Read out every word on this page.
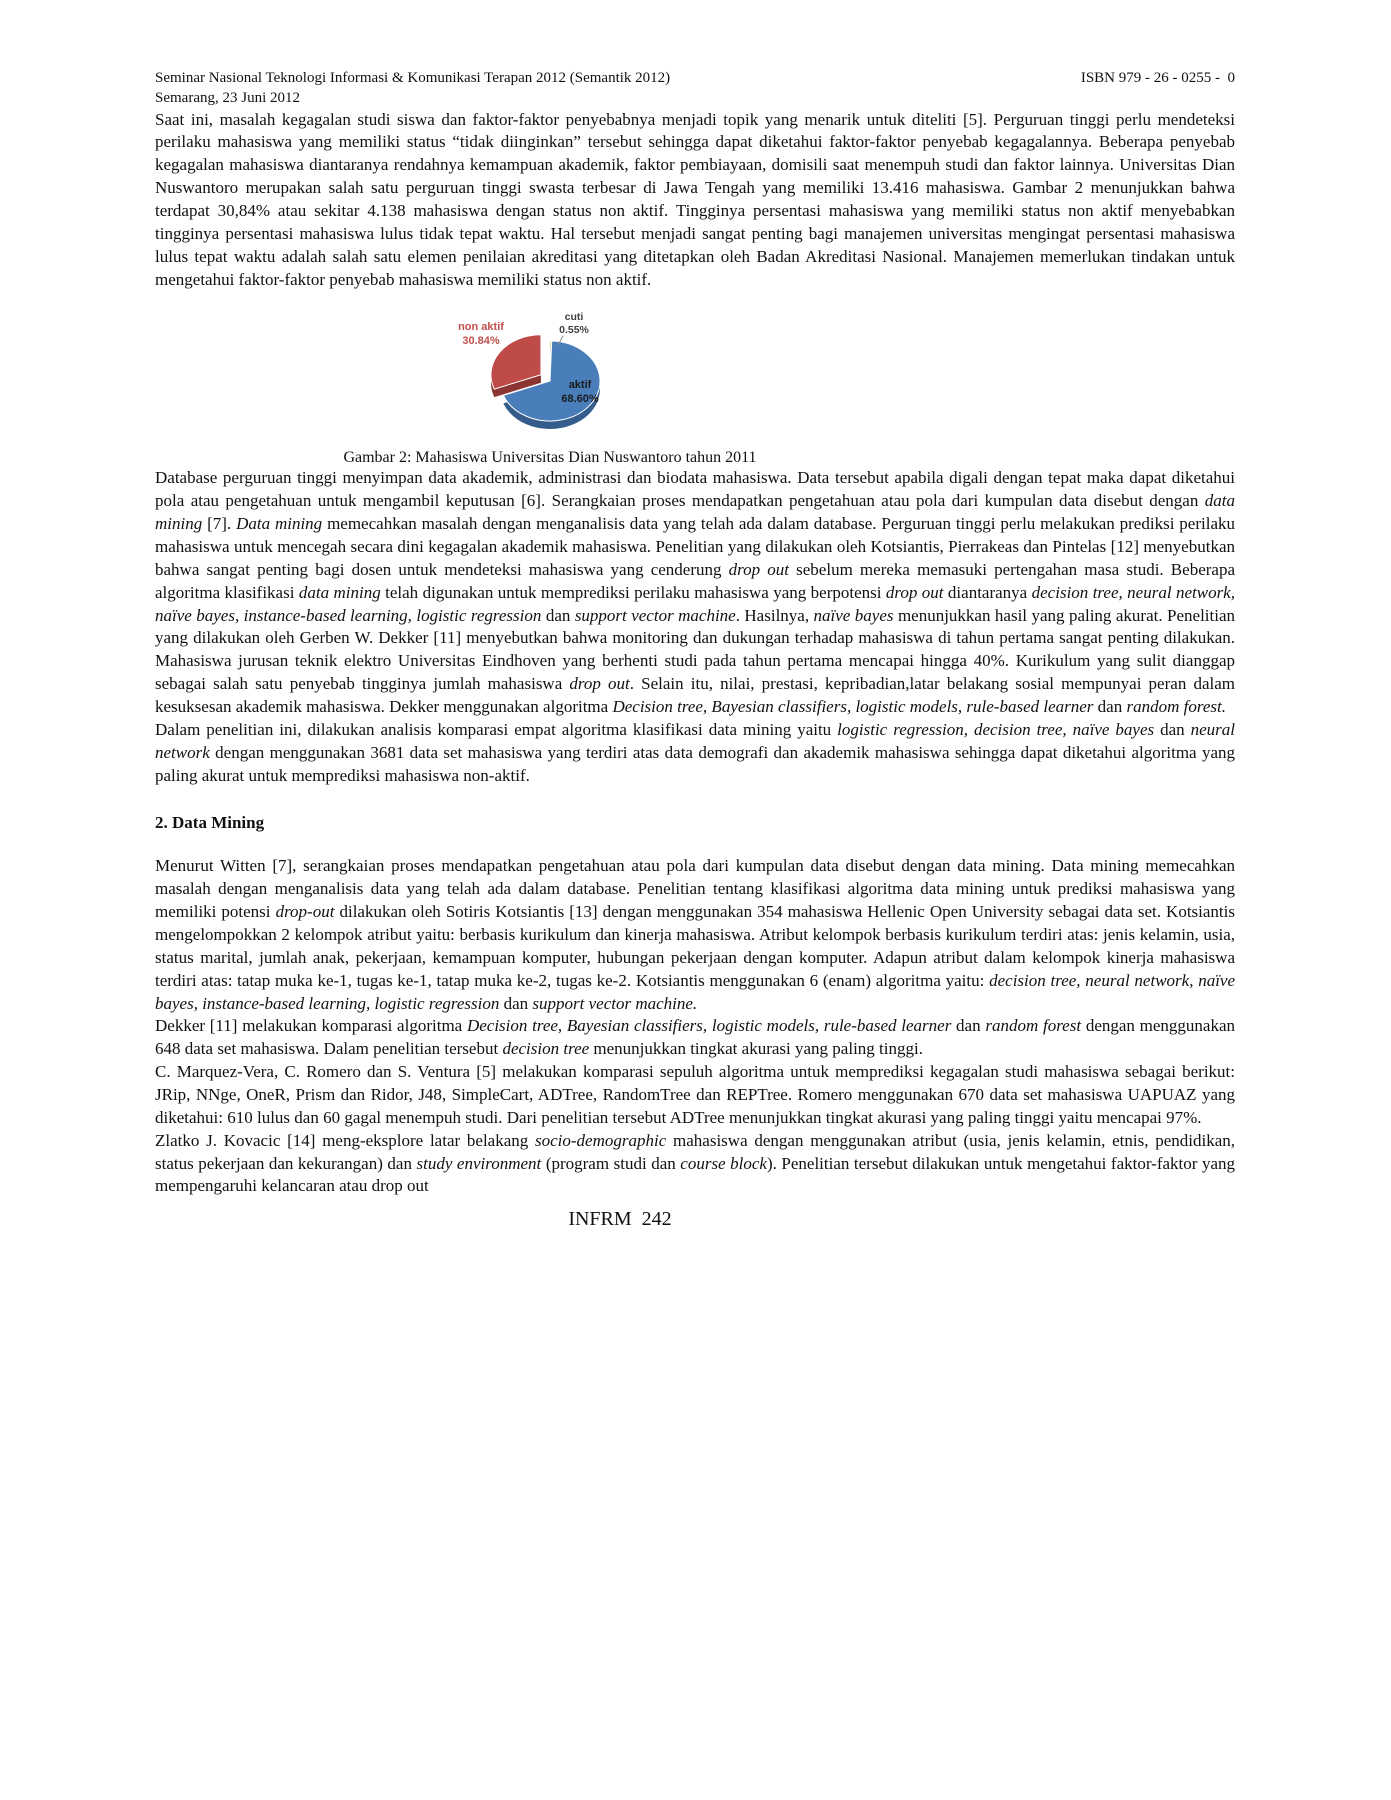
Seminar Nasional Teknologi Informasi & Komunikasi Terapan 2012 (Semantik 2012)
Semarang, 23 Juni 2012
ISBN 979 - 26 - 0255 -  0

Saat ini, masalah kegagalan studi siswa dan faktor-faktor penyebabnya menjadi topik yang menarik untuk diteliti [5]. Perguruan tinggi perlu mendeteksi perilaku mahasiswa yang memiliki status “tidak diinginkan” tersebut sehingga dapat diketahui faktor-faktor penyebab kegagalannya. Beberapa penyebab kegagalan mahasiswa diantaranya rendahnya kemampuan akademik, faktor pembiayaan, domisili saat menempuh studi dan faktor lainnya. Universitas Dian Nuswantoro merupakan salah satu perguruan tinggi swasta terbesar di Jawa Tengah yang memiliki 13.416 mahasiswa. Gambar 2 menunjukkan bahwa terdapat 30,84% atau sekitar 4.138 mahasiswa dengan status non aktif. Tingginya persentasi mahasiswa yang memiliki status non aktif menyebabkan tingginya persentasi mahasiswa lulus tidak tepat waktu. Hal tersebut menjadi sangat penting bagi manajemen universitas mengingat persentasi mahasiswa lulus tepat waktu adalah salah satu elemen penilaian akreditasi yang ditetapkan oleh Badan Akreditasi Nasional. Manajemen memerlukan tindakan untuk mengetahui faktor-faktor penyebab mahasiswa memiliki status non aktif.

non aktif
30.84%
cuti
0.55%
aktif
68.60%
Gambar 2: Mahasiswa Universitas Dian Nuswantoro tahun 2011

Database perguruan tinggi menyimpan data akademik, administrasi dan biodata mahasiswa. Data tersebut apabila digali dengan tepat maka dapat diketahui pola atau pengetahuan untuk mengambil keputusan [6]. Serangkaian proses mendapatkan pengetahuan atau pola dari kumpulan data disebut dengan data mining [7]. Data mining memecahkan masalah dengan menganalisis data yang telah ada dalam database. Perguruan tinggi perlu melakukan prediksi perilaku mahasiswa untuk mencegah secara dini kegagalan akademik mahasiswa. Penelitian yang dilakukan oleh Kotsiantis, Pierrakeas dan Pintelas [12] menyebutkan bahwa sangat penting bagi dosen untuk mendeteksi mahasiswa yang cenderung drop out sebelum mereka memasuki pertengahan masa studi. Beberapa algoritma klasifikasi data mining telah digunakan untuk memprediksi perilaku mahasiswa yang berpotensi drop out diantaranya decision tree, neural network, naïve bayes, instance-based learning, logistic regression dan support vector machine. Hasilnya, naïve bayes menunjukkan hasil yang paling akurat. Penelitian yang dilakukan oleh Gerben W. Dekker [11] menyebutkan bahwa monitoring dan dukungan terhadap mahasiswa di tahun pertama sangat penting dilakukan. Mahasiswa jurusan teknik elektro Universitas Eindhoven yang berhenti studi pada tahun pertama mencapai hingga 40%. Kurikulum yang sulit dianggap sebagai salah satu penyebab tingginya jumlah mahasiswa drop out. Selain itu, nilai, prestasi, kepribadian,latar belakang sosial mempunyai peran dalam kesuksesan akademik mahasiswa. Dekker menggunakan algoritma Decision tree, Bayesian classifiers, logistic models, rule-based learner dan random forest.

Dalam penelitian ini, dilakukan analisis komparasi empat algoritma klasifikasi data mining yaitu logistic regression, decision tree, naïve bayes dan neural network dengan menggunakan 3681 data set mahasiswa yang terdiri atas data demografi dan akademik mahasiswa sehingga dapat diketahui algoritma yang paling akurat untuk memprediksi mahasiswa non-aktif.

2. Data Mining

Menurut Witten [7], serangkaian proses mendapatkan pengetahuan atau pola dari kumpulan data disebut dengan data mining. Data mining memecahkan masalah dengan menganalisis data yang telah ada dalam database. Penelitian tentang klasifikasi algoritma data mining untuk prediksi mahasiswa yang memiliki potensi drop-out dilakukan oleh Sotiris Kotsiantis [13] dengan menggunakan 354 mahasiswa Hellenic Open University sebagai data set. Kotsiantis mengelompokkan 2 kelompok atribut yaitu: berbasis kurikulum dan kinerja mahasiswa. Atribut kelompok berbasis kurikulum terdiri atas: jenis kelamin, usia, status marital, jumlah anak, pekerjaan, kemampuan komputer, hubungan pekerjaan dengan komputer. Adapun atribut dalam kelompok kinerja mahasiswa terdiri atas: tatap muka ke-1, tugas ke-1, tatap muka ke-2, tugas ke-2. Kotsiantis menggunakan 6 (enam) algoritma yaitu: decision tree, neural network, naïve bayes, instance-based learning, logistic regression dan support vector machine.

Dekker [11] melakukan komparasi algoritma Decision tree, Bayesian classifiers, logistic models, rule-based learner dan random forest dengan menggunakan 648 data set mahasiswa. Dalam penelitian tersebut decision tree menunjukkan tingkat akurasi yang paling tinggi.

C. Marquez-Vera, C. Romero dan S. Ventura [5] melakukan komparasi sepuluh algoritma untuk memprediksi kegagalan studi mahasiswa sebagai berikut: JRip, NNge, OneR, Prism dan Ridor, J48, SimpleCart, ADTree, RandomTree dan REPTree. Romero menggunakan 670 data set mahasiswa UAPUAZ yang diketahui: 610 lulus dan 60 gagal menempuh studi. Dari penelitian tersebut ADTree menunjukkan tingkat akurasi yang paling tinggi yaitu mencapai 97%.

Zlatko J. Kovacic [14] meng-eksplore latar belakang socio-demographic mahasiswa dengan menggunakan atribut (usia, jenis kelamin, etnis, pendidikan, status pekerjaan dan kekurangan) dan study environment (program studi dan course block). Penelitian tersebut dilakukan untuk mengetahui faktor-faktor yang mempengaruhi kelancaran atau drop out

INFRM  242
